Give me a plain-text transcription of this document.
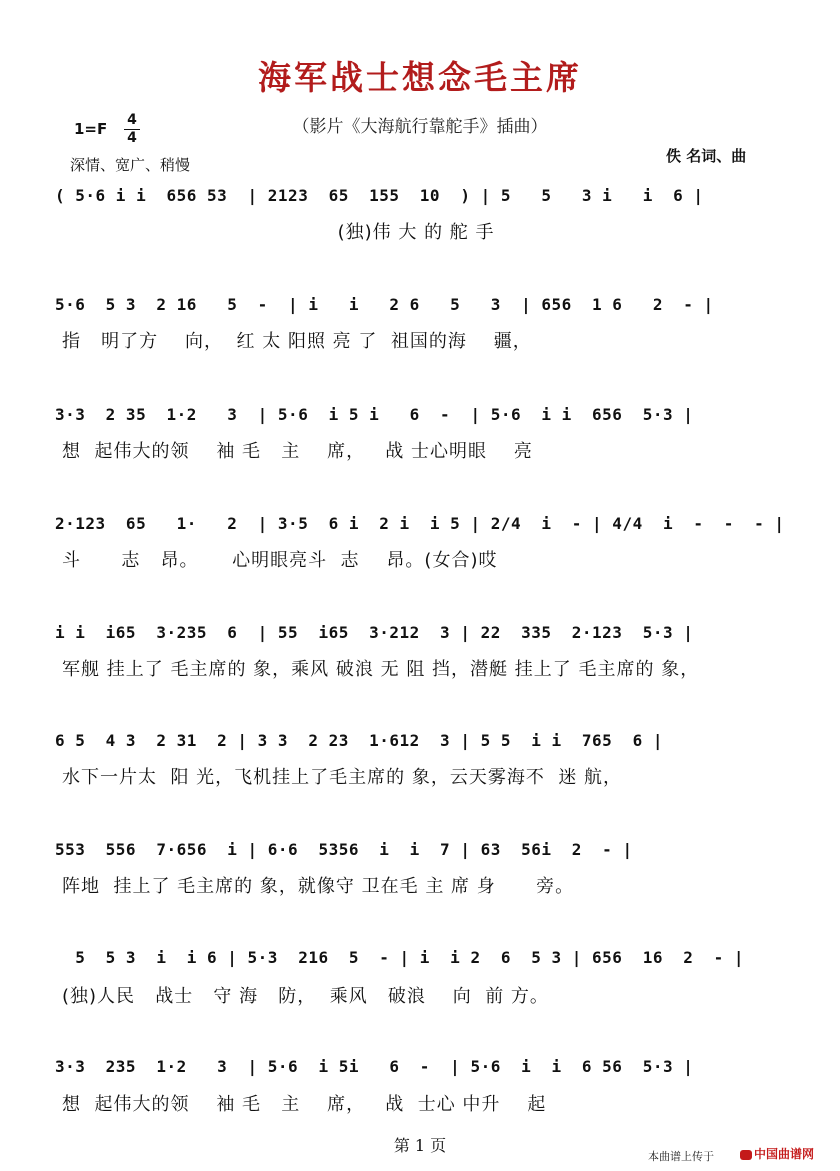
海军战士想念毛主席
（影片《大海航行靠舵手》插曲）
1=F 4
4
深情、宽广、稍慢	佚 名词、曲
( 5·6 i i  656 53  | 2123  65  155  10  ) | 5   5   3 i   i  6 |
(独)伟 大 的 舵 手
5·6  5 3  2 16   5  -  | i   i   2 6   5   3  | 656  1 6   2  - |
指   明了方    向，  红 太 阳照 亮 了  祖国的海    疆，
3·3  2 35  1·2   3  | 5·6  i 5 i   6  -  | 5·6  i i  656  5·3 |
想  起伟大的领    袖 毛   主    席，   战 士心明眼    亮
2·123  65   1·   2  | 3·5  6 i  2 i  i 5 | 2/4  i  - | 4/4  i  -  -  - |
斗      志   昂。     心明眼亮斗  志    昂。(女合)哎
i i  i65  3·235  6  | 55  i65  3·212  3 | 22  335  2·123  5·3 |
军舰 挂上了 毛主席的 象，乘风 破浪 无 阻 挡，潜艇 挂上了 毛主席的 象，
6 5  4 3  2 31  2 | 3 3  2 23  1·612  3 | 5 5  i i  765  6 |
水下一片太  阳 光，飞机挂上了毛主席的 象，云天雾海不  迷 航，
553  556  7·656  i | 6·6  5356  i  i  7 | 63  56i  2  - |
阵地  挂上了 毛主席的 象，就像守 卫在毛 主 席 身      旁。
5  5 3  i  i 6 | 5·3  216  5  - | i  i 2  6  5 3 | 656  16  2  - |
(独)人民   战士   守 海   防，  乘风   破浪    向  前 方。
3·3  235  1·2   3  | 5·6  i 5i   6  -  | 5·6  i  i  6 56  5·3 |
想  起伟大的领    袖 毛   主    席，   战  士心 中升    起
第 1 页
本曲谱上传于	中国曲谱网
